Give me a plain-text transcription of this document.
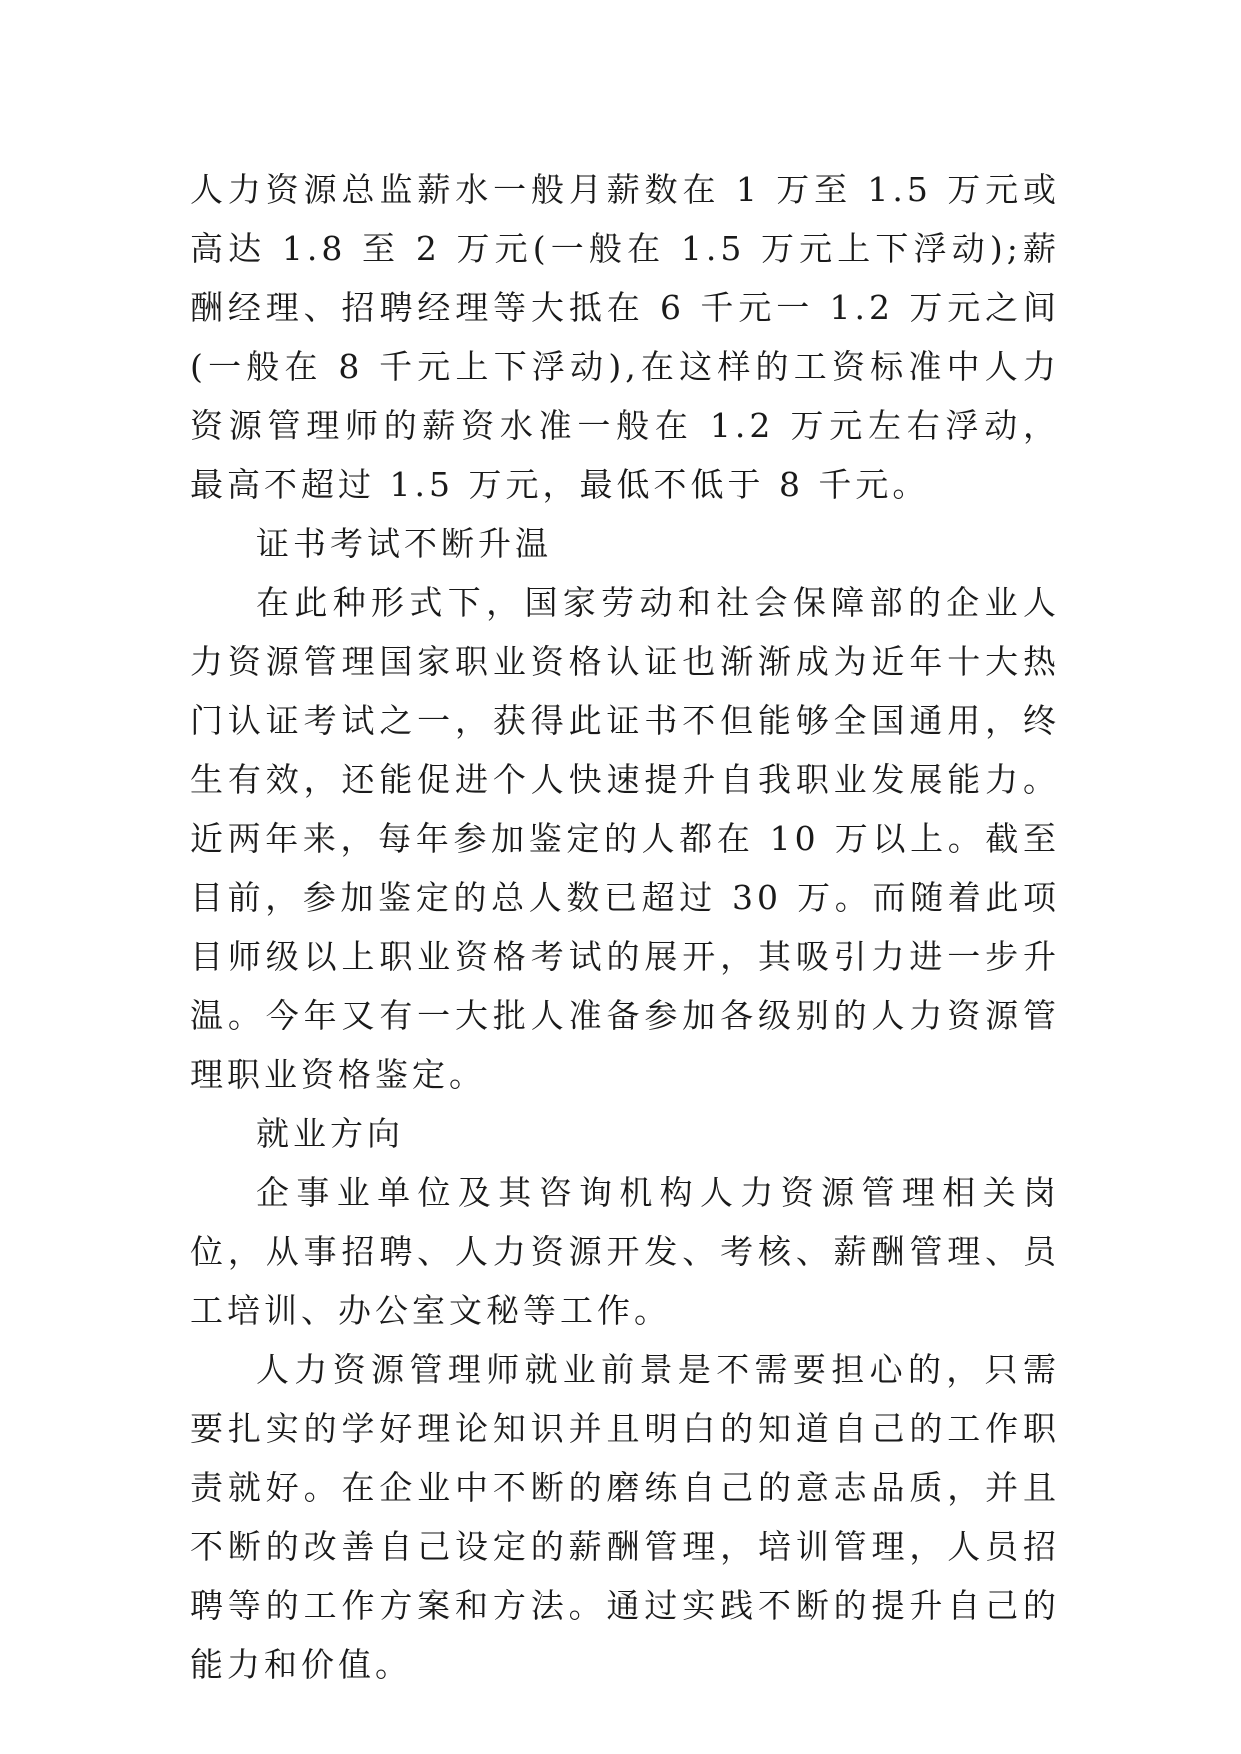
人力资源总监薪水一般月薪数在 1 万至 1.5 万元或高达 1.8 至 2 万元(一般在 1.5 万元上下浮动);薪酬经理、招聘经理等大抵在 6 千元一 1.2 万元之间 (一般在 8 千元上下浮动),在这样的工资标准中人力资源管理师的薪资水准一般在 1.2 万元左右浮动，最高不超过 1.5 万元，最低不低于 8 千元。

证书考试不断升温

在此种形式下，国家劳动和社会保障部的企业人力资源管理国家职业资格认证也渐渐成为近年十大热门认证考试之一，获得此证书不但能够全国通用，终生有效，还能促进个人快速提升自我职业发展能力。近两年来，每年参加鉴定的人都在 10 万以上。截至目前，参加鉴定的总人数已超过 30 万。而随着此项目师级以上职业资格考试的展开，其吸引力进一步升温。今年又有一大批人准备参加各级别的人力资源管理职业资格鉴定。

就业方向

企事业单位及其咨询机构人力资源管理相关岗位，从事招聘、人力资源开发、考核、薪酬管理、员工培训、办公室文秘等工作。

人力资源管理师就业前景是不需要担心的，只需要扎实的学好理论知识并且明白的知道自己的工作职责就好。在企业中不断的磨练自己的意志品质，并且不断的改善自己设定的薪酬管理，培训管理，人员招聘等的工作方案和方法。通过实践不断的提升自己的能力和价值。
